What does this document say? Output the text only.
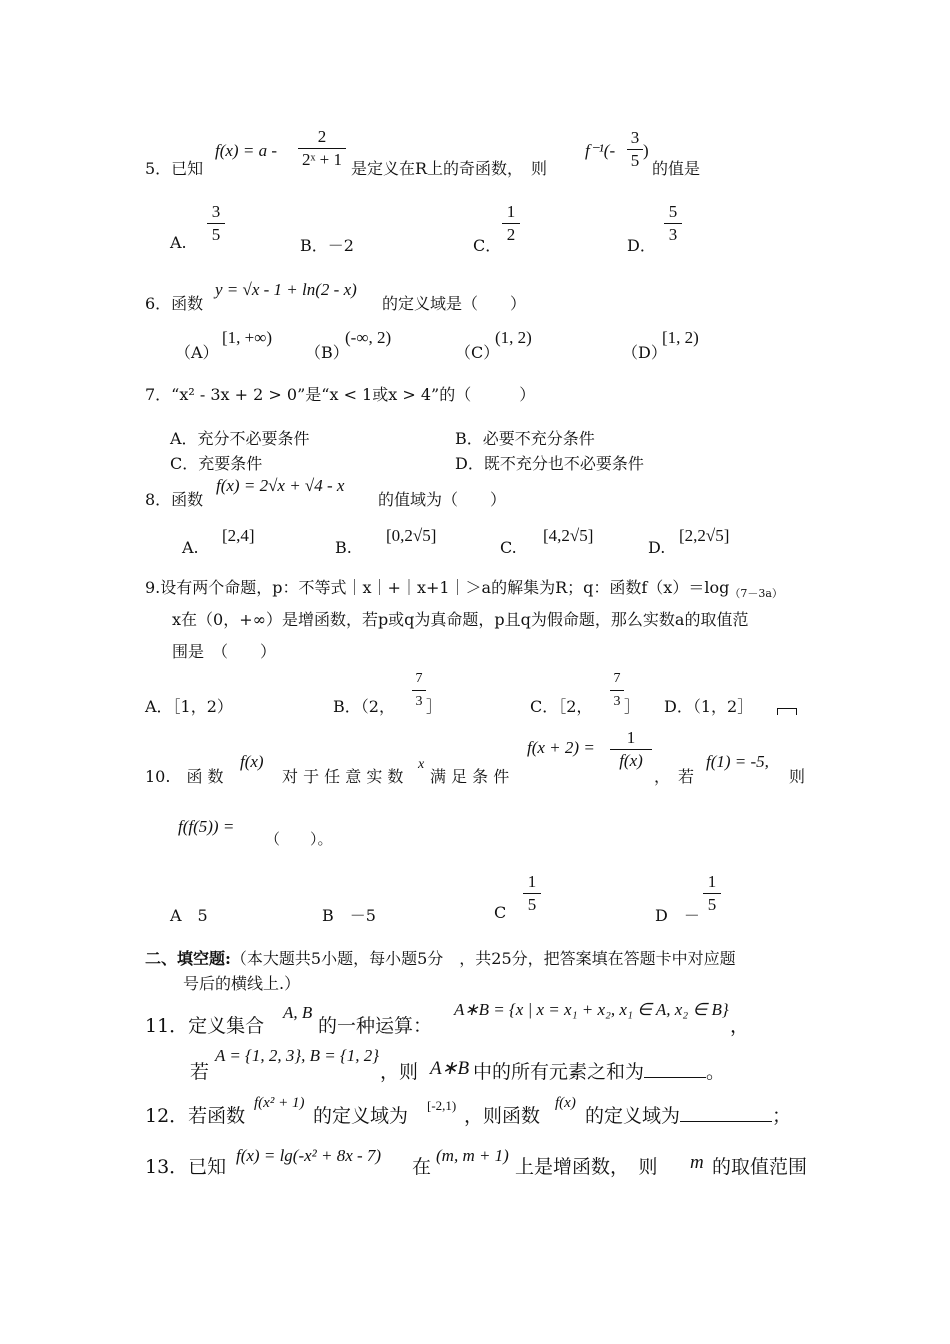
5．已知
f(x) = a -
2
2ˣ + 1 是定义在R上的奇函数，　则
f⁻¹(-
3
5
)
的值是
A.
3
5
B．－2	C．
1
2
D．
5
3
6．函数
y = √x - 1 + ln(2 - x)
的定义域是（　　）
（A）
[1, +∞)
（B）
(-∞, 2)
（C）
(1, 2)
（D）
[1, 2)
7．“x² - 3x + 2 > 0”是“x < 1或x > 4”的（　　　）
A．充分不必要条件	B．必要不充分条件
C．充要条件	D．既不充分也不必要条件
8．函数
f(x) = 2√x + √4 - x
的值域为（　　）
A.
[2,4]
B.
[0,2√5]
C.
[4,2√5]
D.
[2,2√5]
9.设有两个命题，p：不等式｜x｜+｜x+1｜＞a的解集为R；q：函数$f(x)=\log_{(7-3a)}$
x在（0，+∞）是增函数，若p或q为真命题，p且q为假命题，那么实数a的取值范
围是　（　　）
A．［1，2）	B．（2，
7
3 ］	C．［2，
7
3 ］ D．（1，2］
10.　函 数
f(x)
对 于 任 意 实 数
x
满 足 条 件
f(x + 2) =
1
f(x)
，　若
f(1) = -5,
则
f(f(5)) =
（　　）。
A　5	B　－5	C
1
5
D　－
1
5
二、填空题:（本大题共5小题，每小题5分　，共25分，把答案填在答题卡中对应题
号后的横线上.）
11．定义集合
A, B
的一种运算：
A∗B = {x | x = x₁ + x₂, x₁ ∈ A, x₂ ∈ B}
，
若
A = {1, 2, 3}, B = {1, 2}
，则 A∗B 中的所有元素之和为	。
12．若函数
f(x² + 1)
的定义域为 [-2,1) ，则函数
f(x)
的定义域为	；
13．已知
f(x) = lg(-x² + 8x - 7)
在
(m, m + 1)
上是增函数，　则 m 的取值范围
